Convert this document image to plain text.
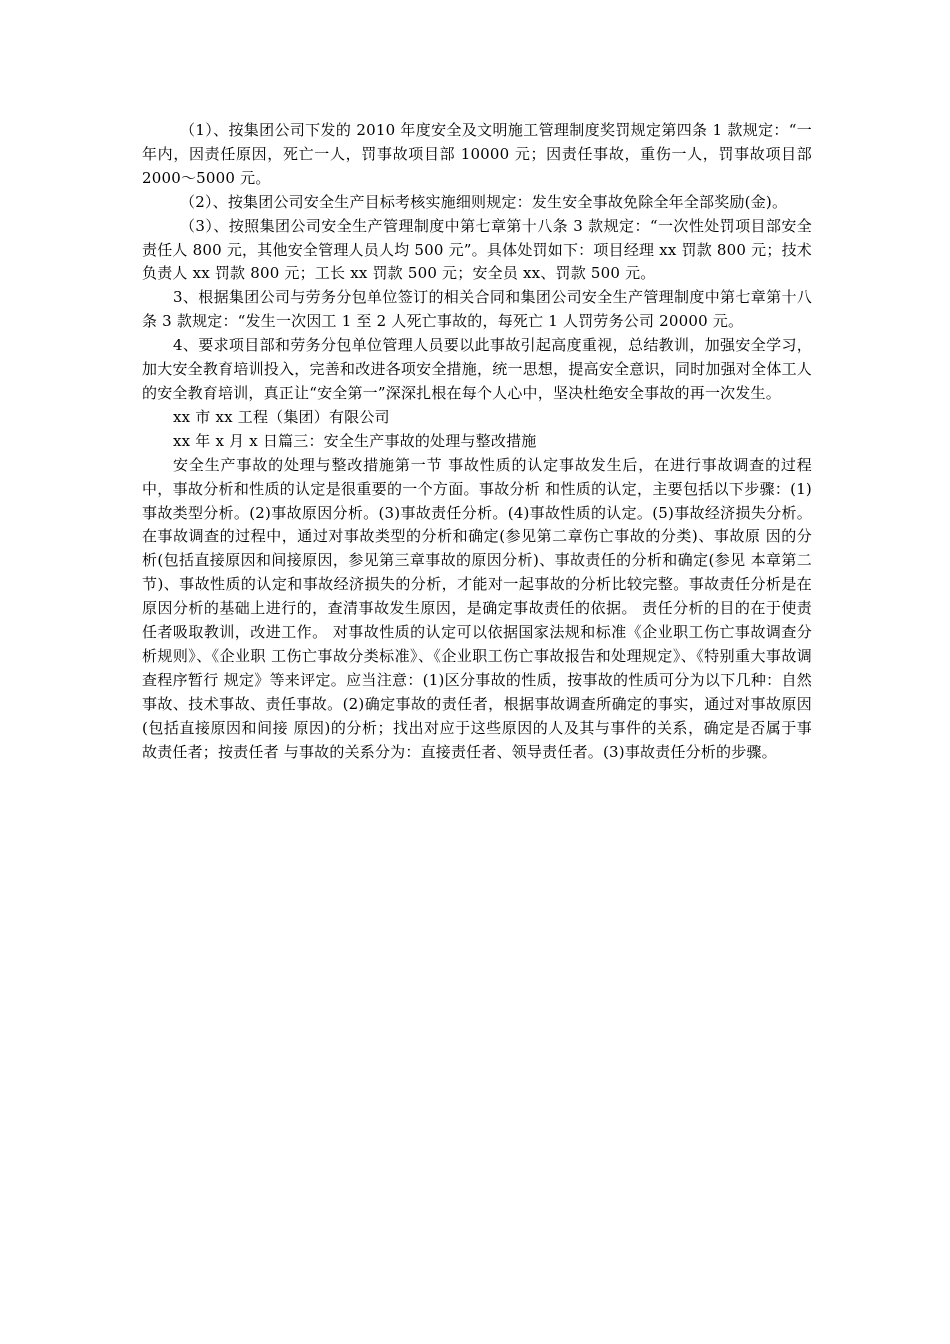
（1）、按集团公司下发的 2010 年度安全及文明施工管理制度奖罚规定第四条 1 款规定：“一年内，因责任原因，死亡一人，罚事故项目部 10000 元；因责任事故，重伤一人，罚事故项目部 2000～5000 元。

（2）、按集团公司安全生产目标考核实施细则规定：发生安全事故免除全年全部奖励(金)。

（3）、按照集团公司安全生产管理制度中第七章第十八条 3 款规定：“一次性处罚项目部安全责任人 800 元，其他安全管理人员人均 500 元”。具体处罚如下：项目经理 xx 罚款 800 元；技术负责人 xx 罚款 800 元；工长 xx 罚款 500 元；安全员 xx、罚款 500 元。

3、根据集团公司与劳务分包单位签订的相关合同和集团公司安全生产管理制度中第七章第十八条 3 款规定：“发生一次因工 1 至 2 人死亡事故的，每死亡 1 人罚劳务公司 20000 元。

4、要求项目部和劳务分包单位管理人员要以此事故引起高度重视，总结教训，加强安全学习，加大安全教育培训投入，完善和改进各项安全措施，统一思想，提高安全意识，同时加强对全体工人的安全教育培训，真正让“安全第一”深深扎根在每个人心中，坚决杜绝安全事故的再一次发生。

xx 市 xx 工程（集团）有限公司

xx 年 x 月 x 日篇三：安全生产事故的处理与整改措施

安全生产事故的处理与整改措施第一节 事故性质的认定事故发生后，在进行事故调查的过程中，事故分析和性质的认定是很重要的一个方面。事故分析 和性质的认定，主要包括以下步骤：(1)事故类型分析。(2)事故原因分析。(3)事故责任分析。(4)事故性质的认定。(5)事故经济损失分析。在事故调查的过程中，通过对事故类型的分析和确定(参见第二章伤亡事故的分类)、事故原 因的分析(包括直接原因和间接原因，参见第三章事故的原因分析)、事故责任的分析和确定(参见 本章第二节)、事故性质的认定和事故经济损失的分析，才能对一起事故的分析比较完整。事故责任分析是在原因分析的基础上进行的，查清事故发生原因，是确定事故责任的依据。 责任分析的目的在于使责任者吸取教训，改进工作。 对事故性质的认定可以依据国家法规和标准《企业职工伤亡事故调查分析规则》、《企业职 工伤亡事故分类标准》、《企业职工伤亡事故报告和处理规定》、《特别重大事故调查程序暂行 规定》等来评定。应当注意：(1)区分事故的性质，按事故的性质可分为以下几种：自然事故、技术事故、责任事故。(2)确定事故的责任者，根据事故调查所确定的事实，通过对事故原因(包括直接原因和间接 原因)的分析；找出对应于这些原因的人及其与事件的关系，确定是否属于事故责任者；按责任者 与事故的关系分为：直接责任者、领导责任者。(3)事故责任分析的步骤。
